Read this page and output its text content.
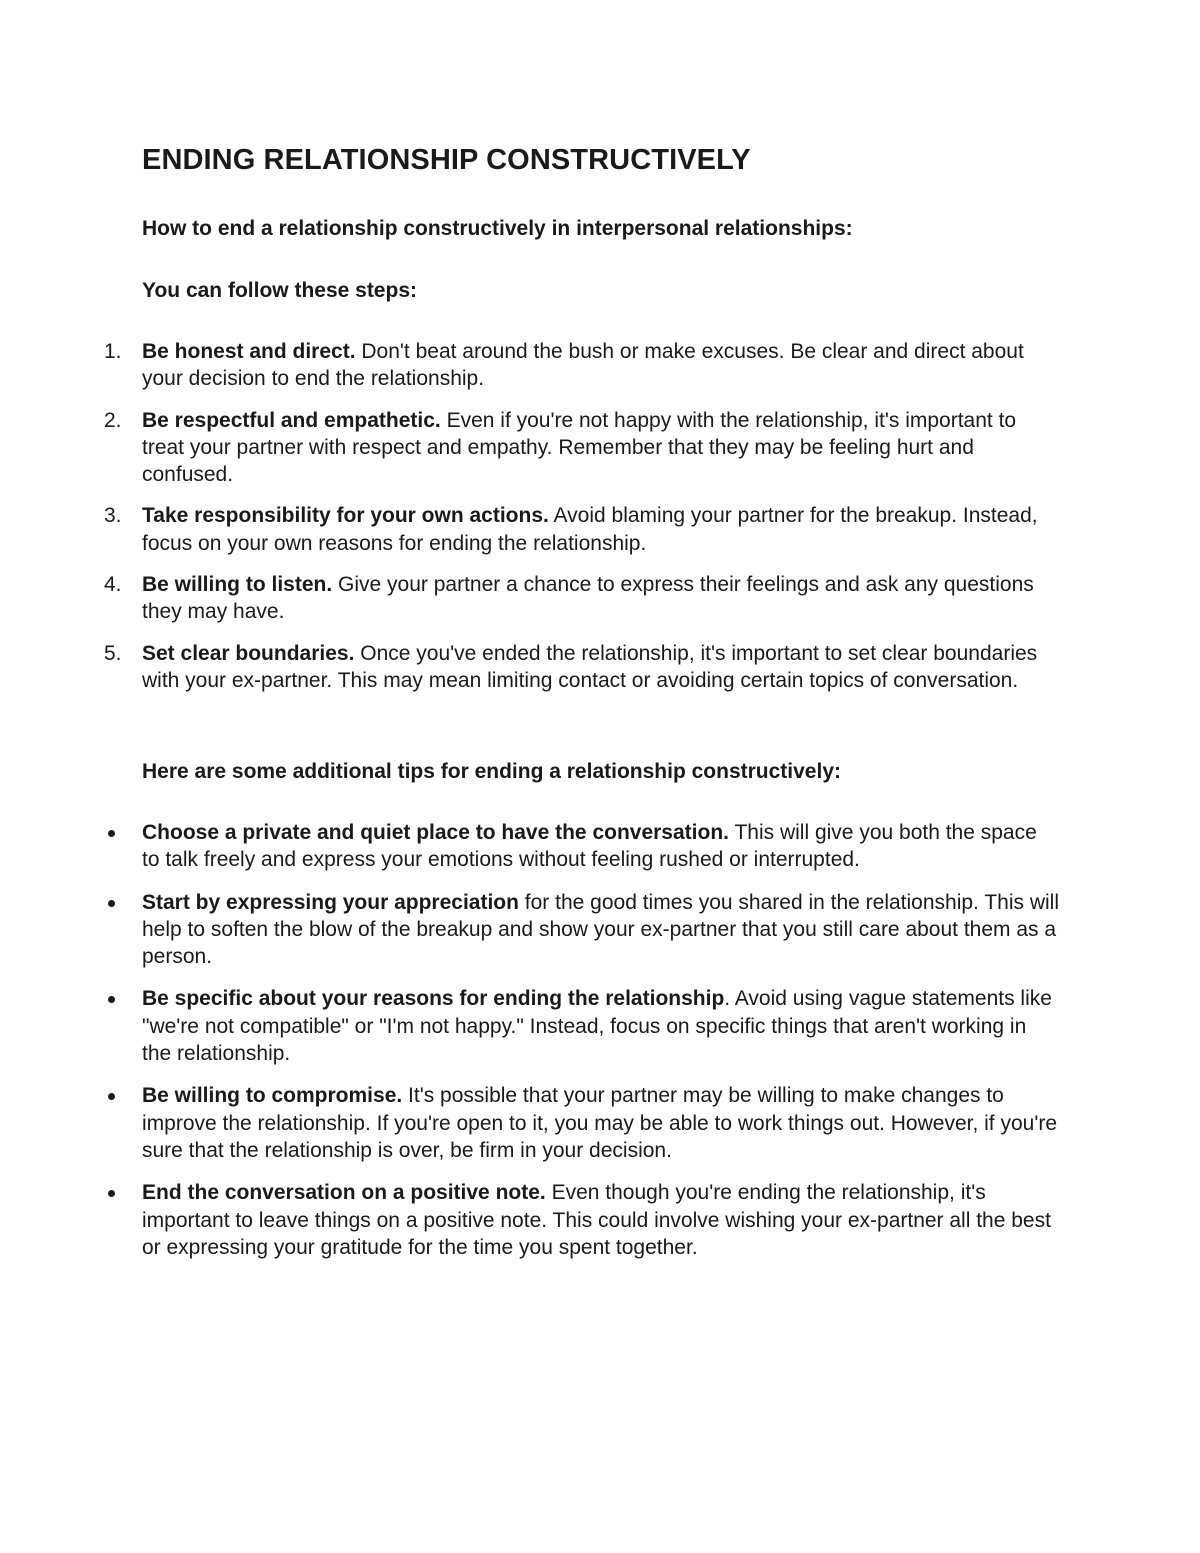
ENDING RELATIONSHIP CONSTRUCTIVELY

How to end a relationship constructively in interpersonal relationships:

You can follow these steps:

1. Be honest and direct. Don't beat around the bush or make excuses. Be clear and direct about your decision to end the relationship.
2. Be respectful and empathetic. Even if you're not happy with the relationship, it's important to treat your partner with respect and empathy. Remember that they may be feeling hurt and confused.
3. Take responsibility for your own actions. Avoid blaming your partner for the breakup. Instead, focus on your own reasons for ending the relationship.
4. Be willing to listen. Give your partner a chance to express their feelings and ask any questions they may have.
5. Set clear boundaries. Once you've ended the relationship, it's important to set clear boundaries with your ex-partner. This may mean limiting contact or avoiding certain topics of conversation.

Here are some additional tips for ending a relationship constructively:

Choose a private and quiet place to have the conversation. This will give you both the space to talk freely and express your emotions without feeling rushed or interrupted.
Start by expressing your appreciation for the good times you shared in the relationship. This will help to soften the blow of the breakup and show your ex-partner that you still care about them as a person.
Be specific about your reasons for ending the relationship. Avoid using vague statements like "we're not compatible" or "I'm not happy." Instead, focus on specific things that aren't working in the relationship.
Be willing to compromise. It's possible that your partner may be willing to make changes to improve the relationship. If you're open to it, you may be able to work things out. However, if you're sure that the relationship is over, be firm in your decision.
End the conversation on a positive note. Even though you're ending the relationship, it's important to leave things on a positive note. This could involve wishing your ex-partner all the best or expressing your gratitude for the time you spent together.
